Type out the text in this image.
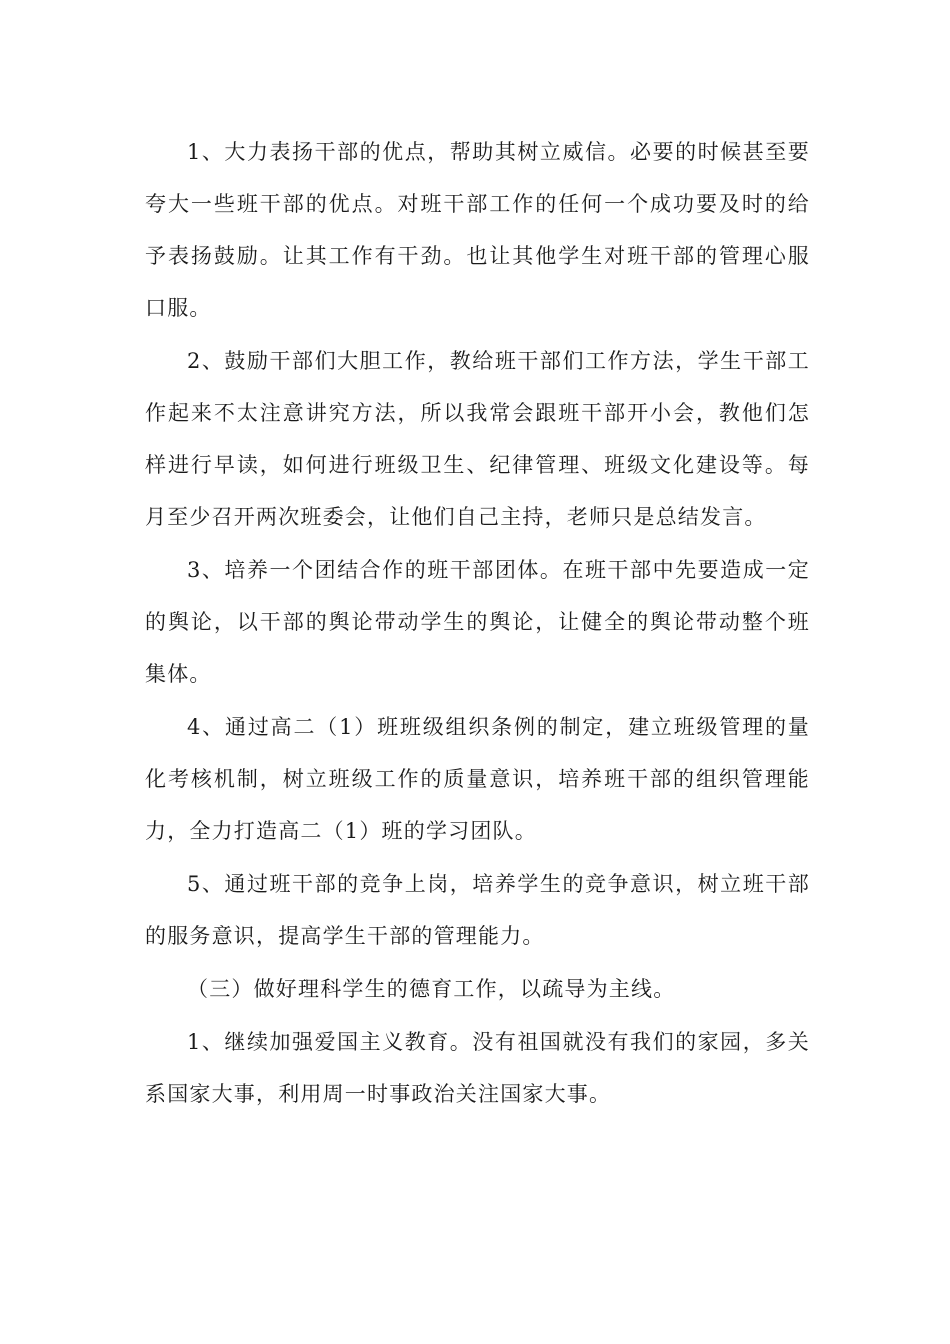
1、大力表扬干部的优点，帮助其树立威信。必要的时候甚至要夸大一些班干部的优点。对班干部工作的任何一个成功要及时的给予表扬鼓励。让其工作有干劲。也让其他学生对班干部的管理心服口服。

2、鼓励干部们大胆工作，教给班干部们工作方法，学生干部工作起来不太注意讲究方法，所以我常会跟班干部开小会，教他们怎样进行早读，如何进行班级卫生、纪律管理、班级文化建设等。每月至少召开两次班委会，让他们自己主持，老师只是总结发言。

3、培养一个团结合作的班干部团体。在班干部中先要造成一定的舆论，以干部的舆论带动学生的舆论，让健全的舆论带动整个班集体。

4、通过高二（1）班班级组织条例的制定，建立班级管理的量化考核机制，树立班级工作的质量意识，培养班干部的组织管理能力，全力打造高二（1）班的学习团队。

5、通过班干部的竞争上岗，培养学生的竞争意识，树立班干部的服务意识，提高学生干部的管理能力。

（三）做好理科学生的德育工作，以疏导为主线。

1、继续加强爱国主义教育。没有祖国就没有我们的家园，多关系国家大事，利用周一时事政治关注国家大事。
